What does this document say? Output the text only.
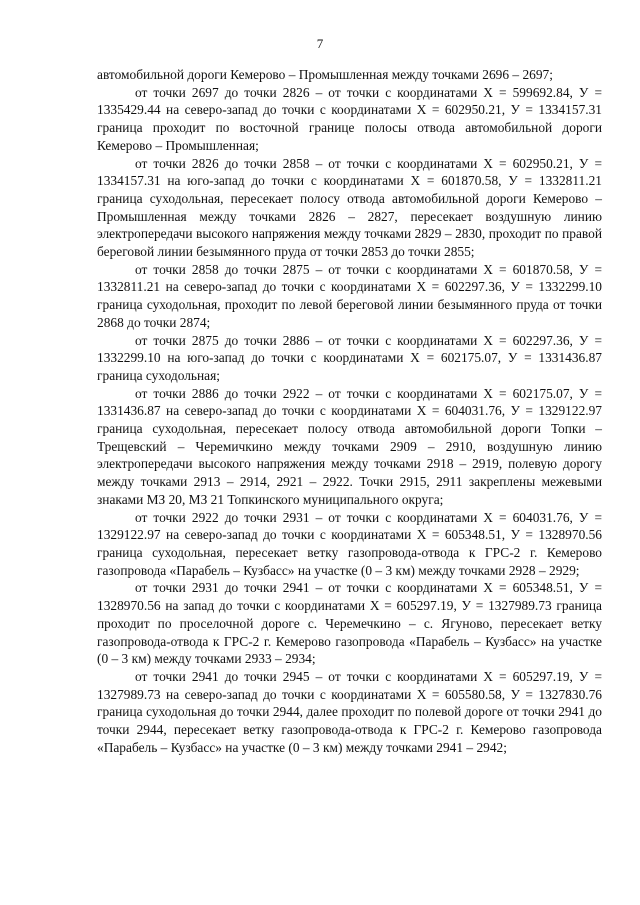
7

автомобильной дороги Кемерово – Промышленная между точками 2696 – 2697;

от точки 2697 до точки 2826 – от точки с координатами Х = 599692.84, У = 1335429.44 на северо-запад до точки с координатами Х = 602950.21, У = 1334157.31 граница проходит по восточной границе полосы отвода автомобильной дороги Кемерово – Промышленная;

от точки 2826 до точки 2858 – от точки с координатами Х = 602950.21, У = 1334157.31 на юго-запад до точки с координатами Х = 601870.58, У = 1332811.21 граница суходольная, пересекает полосу отвода автомобильной дороги Кемерово – Промышленная между точками 2826 – 2827, пересекает воздушную линию электропередачи высокого напряжения между точками 2829 – 2830, проходит по правой береговой линии безымянного пруда от точки 2853 до точки 2855;

от точки 2858 до точки 2875 – от точки с координатами Х = 601870.58, У = 1332811.21 на северо-запад до точки с координатами Х = 602297.36, У = 1332299.10 граница суходольная, проходит по левой береговой линии безымянного пруда от точки 2868 до точки 2874;

от точки 2875 до точки 2886 – от точки с координатами Х = 602297.36, У = 1332299.10 на юго-запад до точки с координатами Х = 602175.07, У = 1331436.87 граница суходольная;

от точки 2886 до точки 2922 – от точки с координатами Х = 602175.07, У = 1331436.87 на северо-запад до точки с координатами Х = 604031.76, У = 1329122.97 граница суходольная, пересекает полосу отвода автомобильной дороги Топки – Трещевский – Черемичкино между точками 2909 – 2910, воздушную линию электропередачи высокого напряжения между точками 2918 – 2919, полевую дорогу между точками 2913 – 2914, 2921 – 2922. Точки 2915, 2911 закреплены межевыми знаками МЗ 20, МЗ 21 Топкинского муниципального округа;

от точки 2922 до точки 2931 – от точки с координатами Х = 604031.76, У = 1329122.97 на северо-запад до точки с координатами Х = 605348.51, У = 1328970.56 граница суходольная, пересекает ветку газопровода-отвода к ГРС-2 г. Кемерово газопровода «Парабель – Кузбасс» на участке (0 – 3 км) между точками 2928 – 2929;

от точки 2931 до точки 2941 – от точки с координатами Х = 605348.51, У = 1328970.56 на запад до точки с координатами Х = 605297.19, У = 1327989.73 граница проходит по проселочной дороге с. Черемечкино – с. Ягуново, пересекает ветку газопровода-отвода к ГРС-2 г. Кемерово газопровода «Парабель – Кузбасс» на участке (0 – 3 км) между точками 2933 – 2934;

от точки 2941 до точки 2945 – от точки с координатами Х = 605297.19, У = 1327989.73 на северо-запад до точки с координатами Х = 605580.58, У = 1327830.76 граница суходольная до точки 2944, далее проходит по полевой дороге от точки 2941 до точки 2944, пересекает ветку газопровода-отвода к ГРС-2 г. Кемерово газопровода «Парабель – Кузбасс» на участке (0 – 3 км) между точками 2941 – 2942;
